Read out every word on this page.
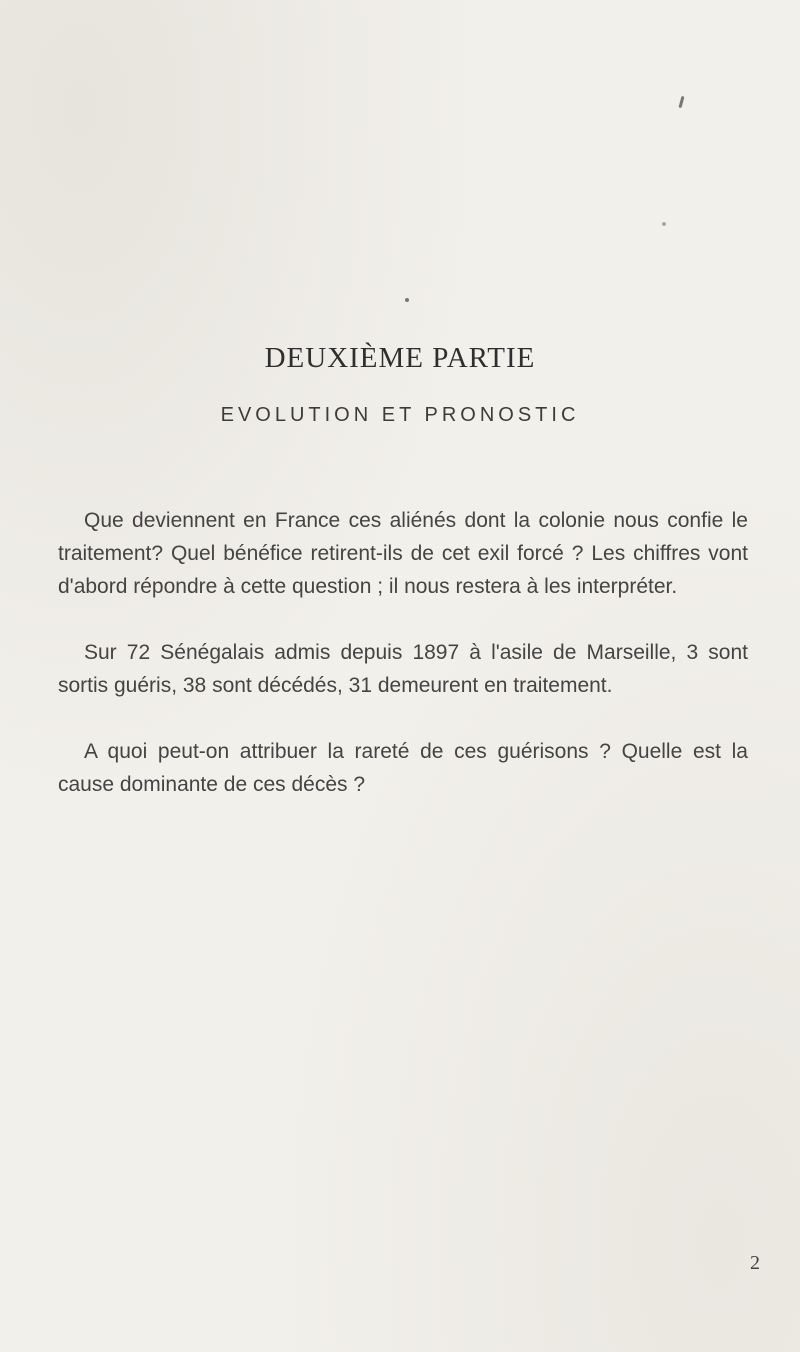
DEUXIÈME PARTIE
EVOLUTION ET PRONOSTIC

Que deviennent en France ces aliénés dont la colonie nous confie le traitement? Quel bénéfice retirent-ils de cet exil forcé ? Les chiffres vont d'abord répondre à cette question ; il nous restera à les interpréter.

Sur 72 Sénégalais admis depuis 1897 à l'asile de Marseille, 3 sont sortis guéris, 38 sont décédés, 31 demeurent en traitement.

A quoi peut-on attribuer la rareté de ces guérisons ? Quelle est la cause dominante de ces décès ?

2
